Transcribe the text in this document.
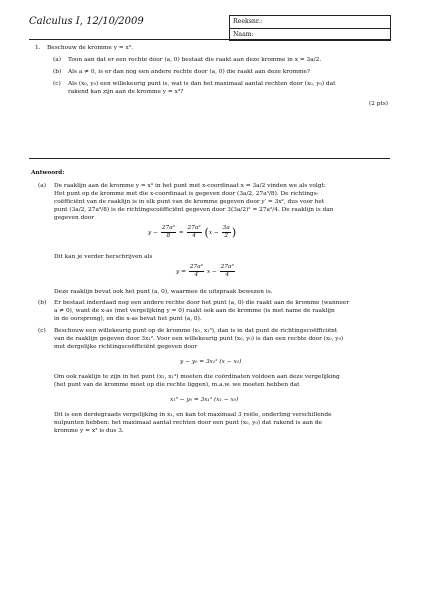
Calculus I, 12/10/2009	Reeksnr.:
Naam:
1. Beschouw de kromme y = x³.
(a) Toon aan dat er een rechte door (a, 0) bestaat die raakt aan deze kromme in x = 3a/2.
(b) Als a ≠ 0, is er dan nog een andere rechte door (a, 0) die raakt aan deze kromme?
(c) Als (x₀, y₀) een willekeurig punt is, wat is dan het maximaal aantal rechten door (x₀, y₀) dat
rakend kan zijn aan de kromme y = x³?
(2 pts)
Antwoord:
(a) De raaklijn aan de kromme y = x³ in het punt met x-coordinaat x = 3a/2 vinden we als volgt:
Het punt op de kromme met die x-coordinaat is gegeven door (3a/2, 27a³/8). De richtings-
coëfficiënt van de raaklijn is in elk punt van de kromme gegeven door y′ = 3x², dus voor het
punt (3a/2, 27a³/8) is de richtingscoëfficiënt gegeven door 3(3a/2)² = 27a²/4. De raaklijn is dan
gegeven door
$y - \frac{\text{27a³}}{8} = \frac{\text{27a²}}{4} (x - \frac{3a}{2}$ )
Dit kan je verder herschrijven als
$y = \frac{\text{27a²}}{4}$ $x - \frac{\text{27a³}}{4}$
Deze raaklijn bevat ook het punt (a, 0), waarmee de uitspraak bewezen is.
(b) Er bestaat inderdaad nog een andere rechte door het punt (a, 0) die raakt aan de kromme (wanneer
a ≠ 0), want de x-as (met vergelijking y = 0) raakt ook aan de kromme (is met name de raaklijn
in de oorsprong), en die x-as bevat het punt (a, 0).
(c) Beschouw een willekeurig punt op de kromme (x₁, x₁³), dan is in dat punt de richtingscoëfficiënt
van de raaklijn gegeven door 3x₁². Voor een willekeurig punt (x₀, y₀) is dan een rechte door (x₀, y₀)
met dergelijke richtingscoëfficiënt gegeven door
y − y₀ = 3x₁² (x − x₀)
Om ook raaklijn te zijn in het punt (x₁, x₁³) moeten die coördinaten voldoen aan deze vergelijking
(het punt van de kromme moet op die rechte liggen), m.a.w. we moeten hebben dat
x₁³ − y₀ = 3x₁² (x₁ − x₀)
Dit is een derdegraads vergelijking in x₁, en kan tot maximaal 3 reële, onderling verschillende
nulpunten hebben: het maximaal aantal rechten door een punt (x₀, y₀) dat rakend is aan de
kromme y = x³ is dus 3.
